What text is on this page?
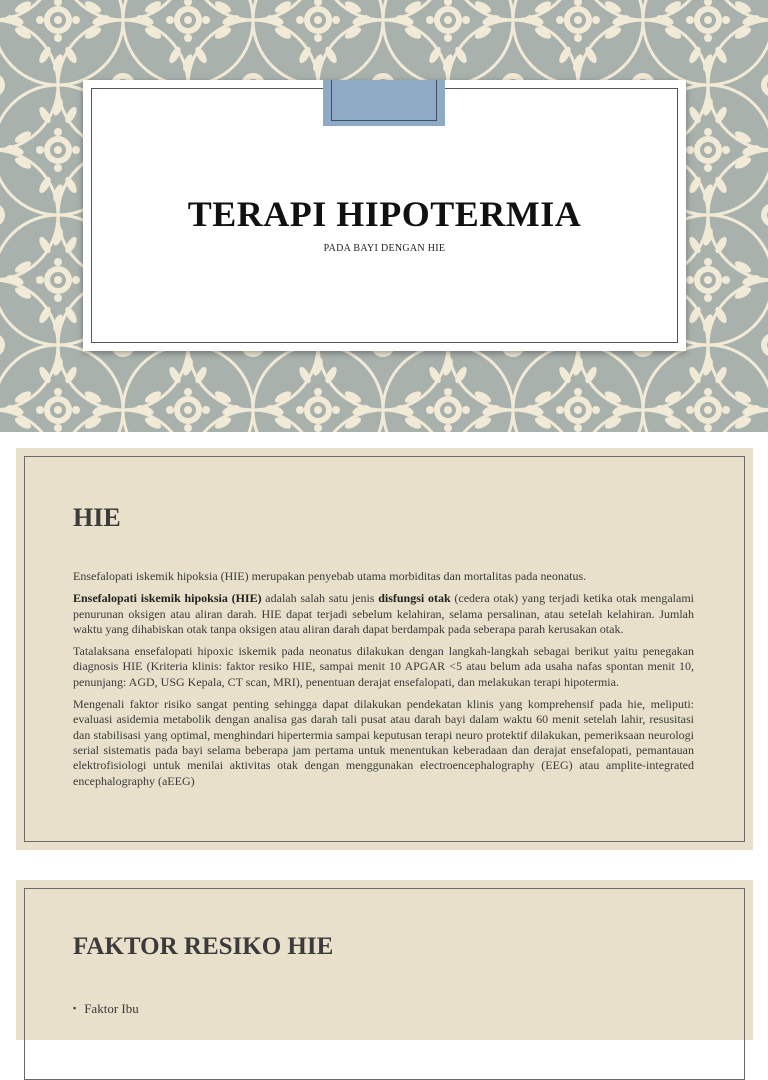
TERAPI HIPOTERMIA
PADA BAYI DENGAN HIE
HIE

Ensefalopati iskemik hipoksia (HIE) merupakan penyebab utama morbiditas dan mortalitas pada neonatus.

Ensefalopati iskemik hipoksia (HIE) adalah salah satu jenis disfungsi otak (cedera otak) yang terjadi ketika otak mengalami penurunan oksigen atau aliran darah. HIE dapat terjadi sebelum kelahiran, selama persalinan, atau setelah kelahiran. Jumlah waktu yang dihabiskan otak tanpa oksigen atau aliran darah dapat berdampak pada seberapa parah kerusakan otak.

Tatalaksana ensefalopati hipoxic iskemik pada neonatus dilakukan dengan langkah-langkah sebagai berikut yaitu penegakan diagnosis HIE (Kriteria klinis: faktor resiko HIE, sampai menit 10 APGAR <5 atau belum ada usaha nafas spontan menit 10, penunjang: AGD, USG Kepala, CT scan, MRI), penentuan derajat ensefalopati, dan melakukan terapi hipotermia.

Mengenali faktor risiko sangat penting sehingga dapat dilakukan pendekatan klinis yang komprehensif pada hie, meliputi: evaluasi asidemia metabolik dengan analisa gas darah tali pusat atau darah bayi dalam waktu 60 menit setelah lahir, resusitasi dan stabilisasi yang optimal, menghindari hipertermia sampai keputusan terapi neuro protektif dilakukan, pemeriksaan neurologi serial sistematis pada bayi selama beberapa jam pertama untuk menentukan keberadaan dan derajat ensefalopati, pemantauan elektrofisiologi untuk menilai aktivitas otak dengan menggunakan electroencephalography (EEG) atau amplite-integrated encephalography (aEEG)

FAKTOR RESIKO HIE
▪ Faktor Ibu
